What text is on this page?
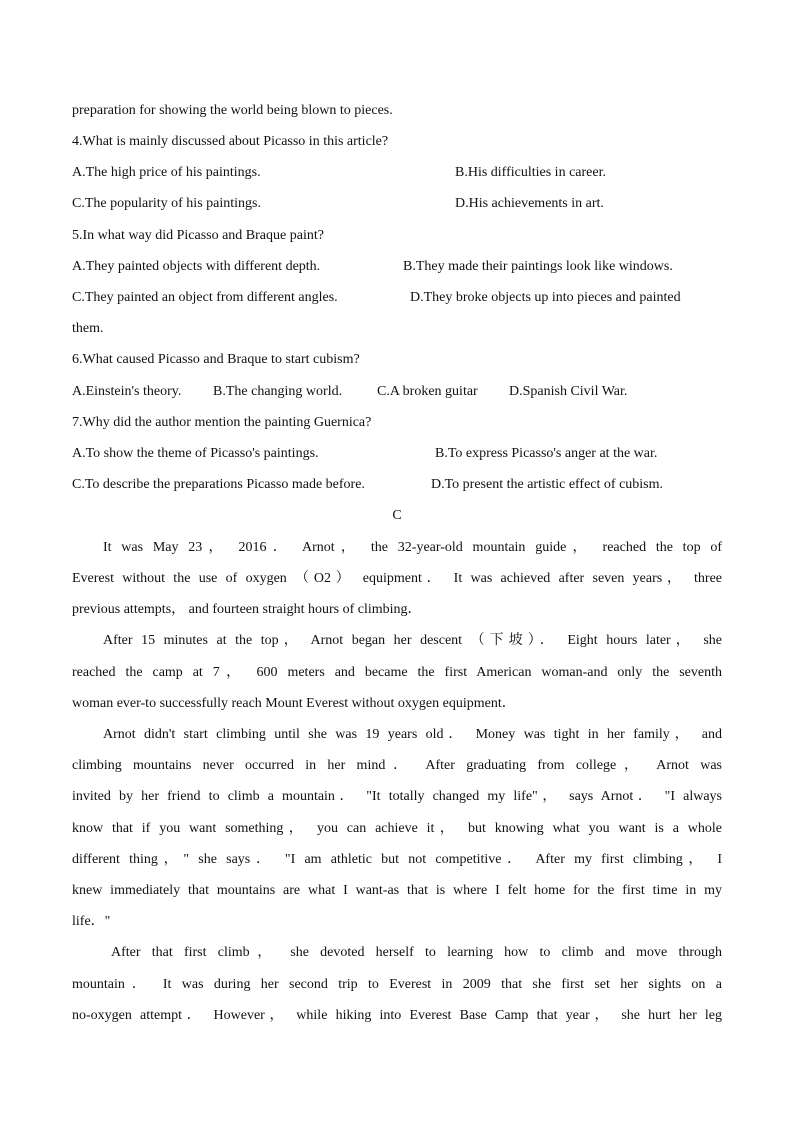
preparation for showing the world being blown to pieces.
4.What is mainly discussed about Picasso in this article?
A.The high price of his paintings.	B.His difficulties in career.
C.The popularity of his paintings.	D.His achievements in art.
5.In what way did Picasso and Braque paint?
A.They painted objects with different depth.	B.They made their paintings look like windows.
C.They painted an object from different angles.	D.They broke objects up into pieces and painted
them.
6.What caused Picasso and Braque to start cubism?
A.Einstein's theory. B.The changing world. C.A broken guitar D.Spanish Civil War.
7.Why did the author mention the painting Guernica?
A.To show the theme of Picasso's paintings.	B.To express Picasso's anger at the war.
C.To describe the preparations Picasso made before.	D.To present the artistic effect of cubism.
C
It was May 23， 2016． Arnot， the 32-year-old mountain guide， reached the top of
Everest without the use of oxygen （O2） equipment． It was achieved after seven years， three
previous attempts， and fourteen straight hours of climbing．
After 15 minutes at the top， Arnot began her descent （下坡）． Eight hours later， she
reached the camp at 7， 600 meters and became the first American woman-and only the seventh
woman ever-to successfully reach Mount Everest without oxygen equipment．
Arnot didn't start climbing until she was 19 years old． Money was tight in her family， and
climbing mountains never occurred in her mind． After graduating from college， Arnot was
invited by her friend to climb a mountain． "It totally changed my life"， says Arnot． "I always
know that if you want something， you can achieve it， but knowing what you want is a whole
different thing，" she says． "I am athletic but not competitive． After my first climbing， I
knew immediately that mountains are what I want-as that is where I felt home for the first time in my
life．"
After that first climb， she devoted herself to learning how to climb and move through
mountain． It was during her second trip to Everest in 2009 that she first set her sights on a
no-oxygen attempt． However， while hiking into Everest Base Camp that year， she hurt her leg
